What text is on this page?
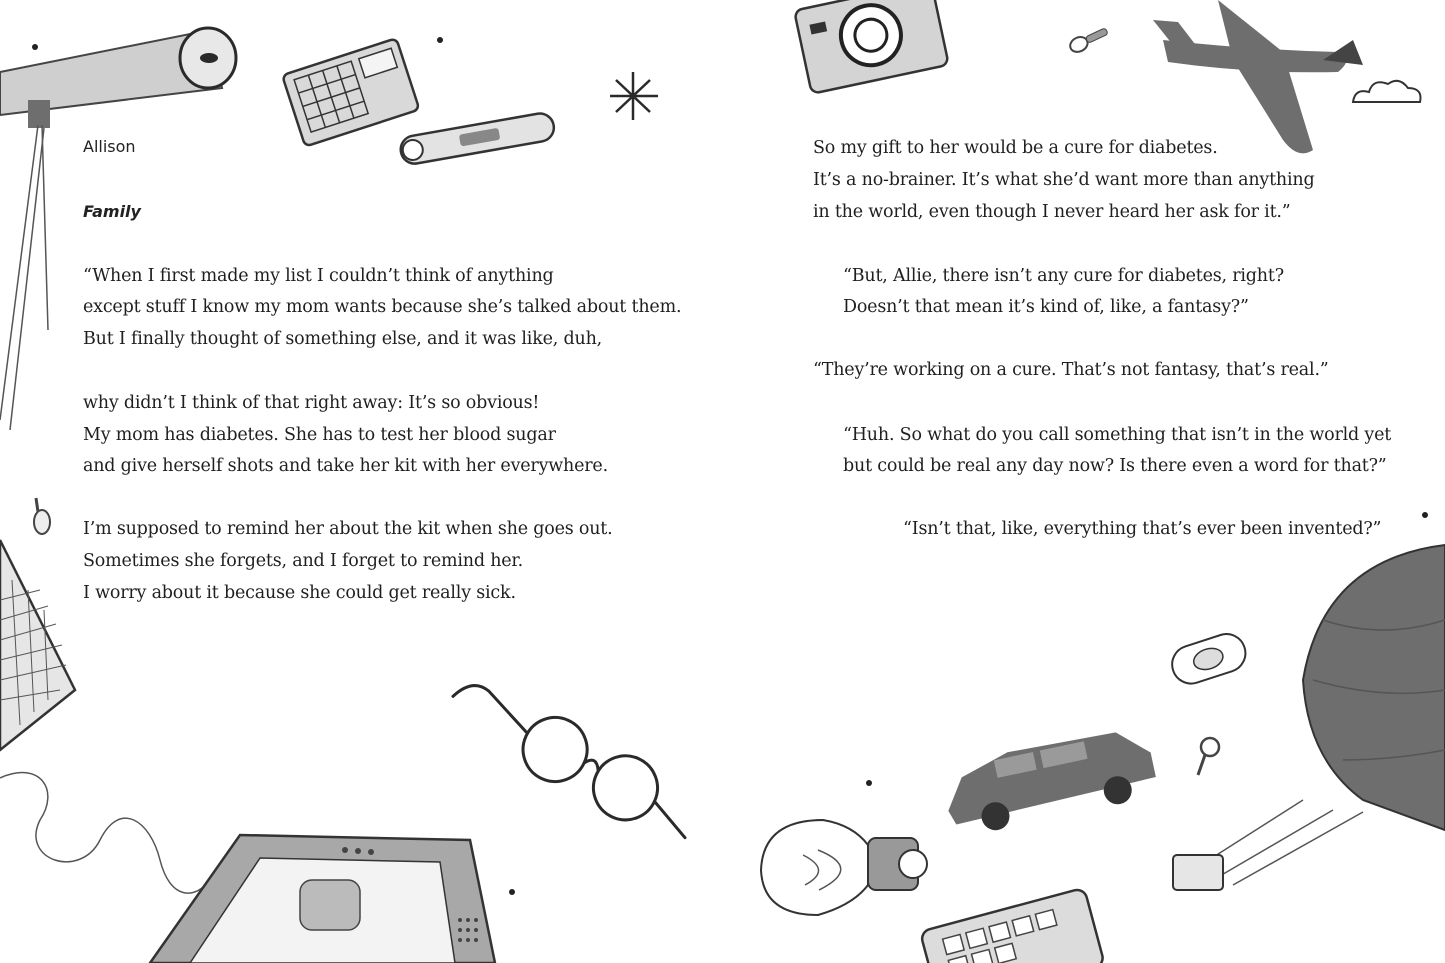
Allison

Family

“When I first made my list I couldn’t think of anything

except stuff I know my mom wants because she’s talked about them.

But I finally thought of something else, and it was like, duh,

why didn’t I think of that right away: It’s so obvious!

My mom has diabetes. She has to test her blood sugar

and give herself shots and take her kit with her everywhere.

I’m supposed to remind her about the kit when she goes out.

Sometimes she forgets, and I forget to remind her.

I worry about it because she could get really sick.

So my gift to her would be a cure for diabetes.

It’s a no-brainer. It’s what she’d want more than anything

in the world, even though I never heard her ask for it.”

“But, Allie, there isn’t any cure for diabetes, right?

Doesn’t that mean it’s kind of, like, a fantasy?”

“They’re working on a cure. That’s not fantasy, that’s real.”

“Huh. So what do you call something that isn’t in the world yet

but could be real any day now? Is there even a word for that?”

“Isn’t that, like, everything that’s ever been invented?”
